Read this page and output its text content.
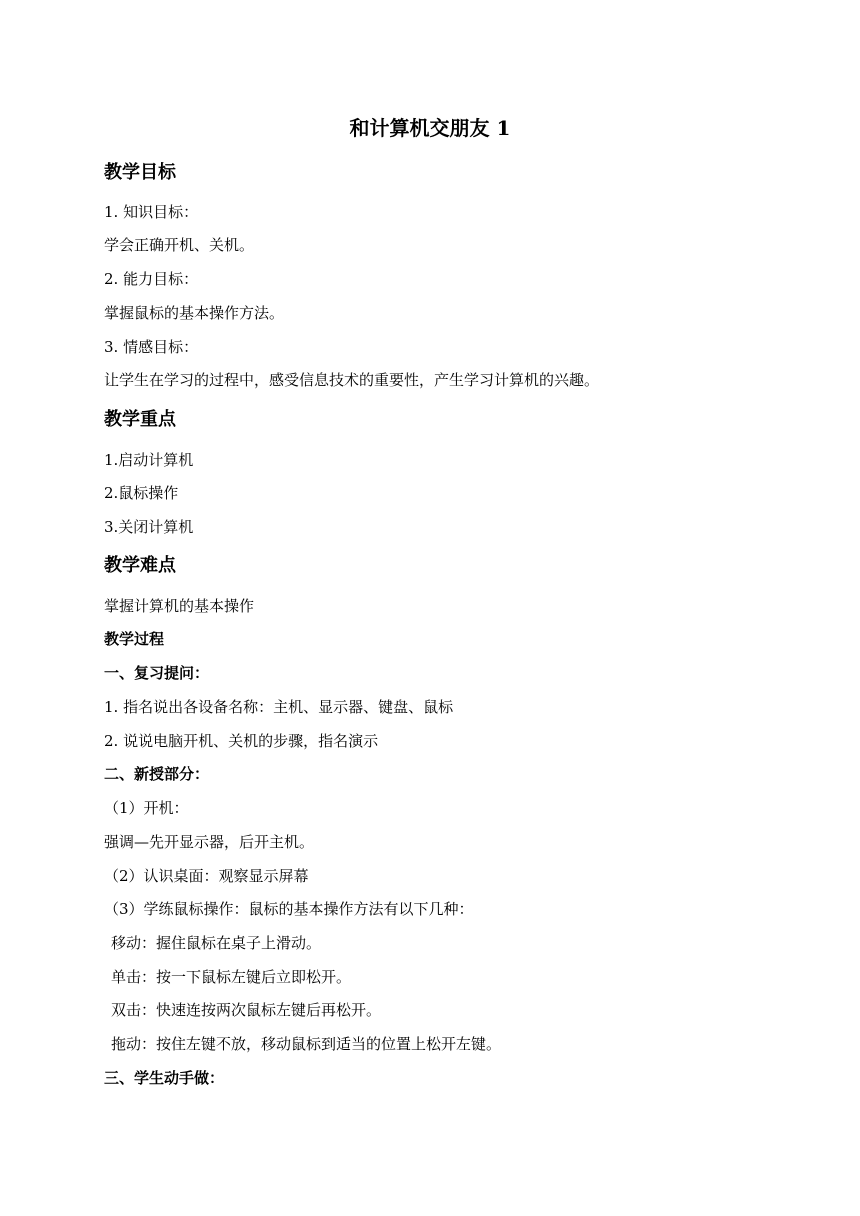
和计算机交朋友 1
教学目标
1. 知识目标：
学会正确开机、关机。
2. 能力目标：
掌握鼠标的基本操作方法。
3. 情感目标：
让学生在学习的过程中，感受信息技术的重要性，产生学习计算机的兴趣。
教学重点
1.启动计算机
2.鼠标操作
3.关闭计算机
教学难点
掌握计算机的基本操作
教学过程
一、复习提问：
1. 指名说出各设备名称：主机、显示器、键盘、鼠标
2. 说说电脑开机、关机的步骤，指名演示
二、新授部分：
（1）开机：
强调—先开显示器，后开主机。
（2）认识桌面：观察显示屏幕
（3）学练鼠标操作：鼠标的基本操作方法有以下几种：
移动：握住鼠标在桌子上滑动。
单击：按一下鼠标左键后立即松开。
双击：快速连按两次鼠标左键后再松开。
拖动：按住左键不放，移动鼠标到适当的位置上松开左键。
三、学生动手做：
